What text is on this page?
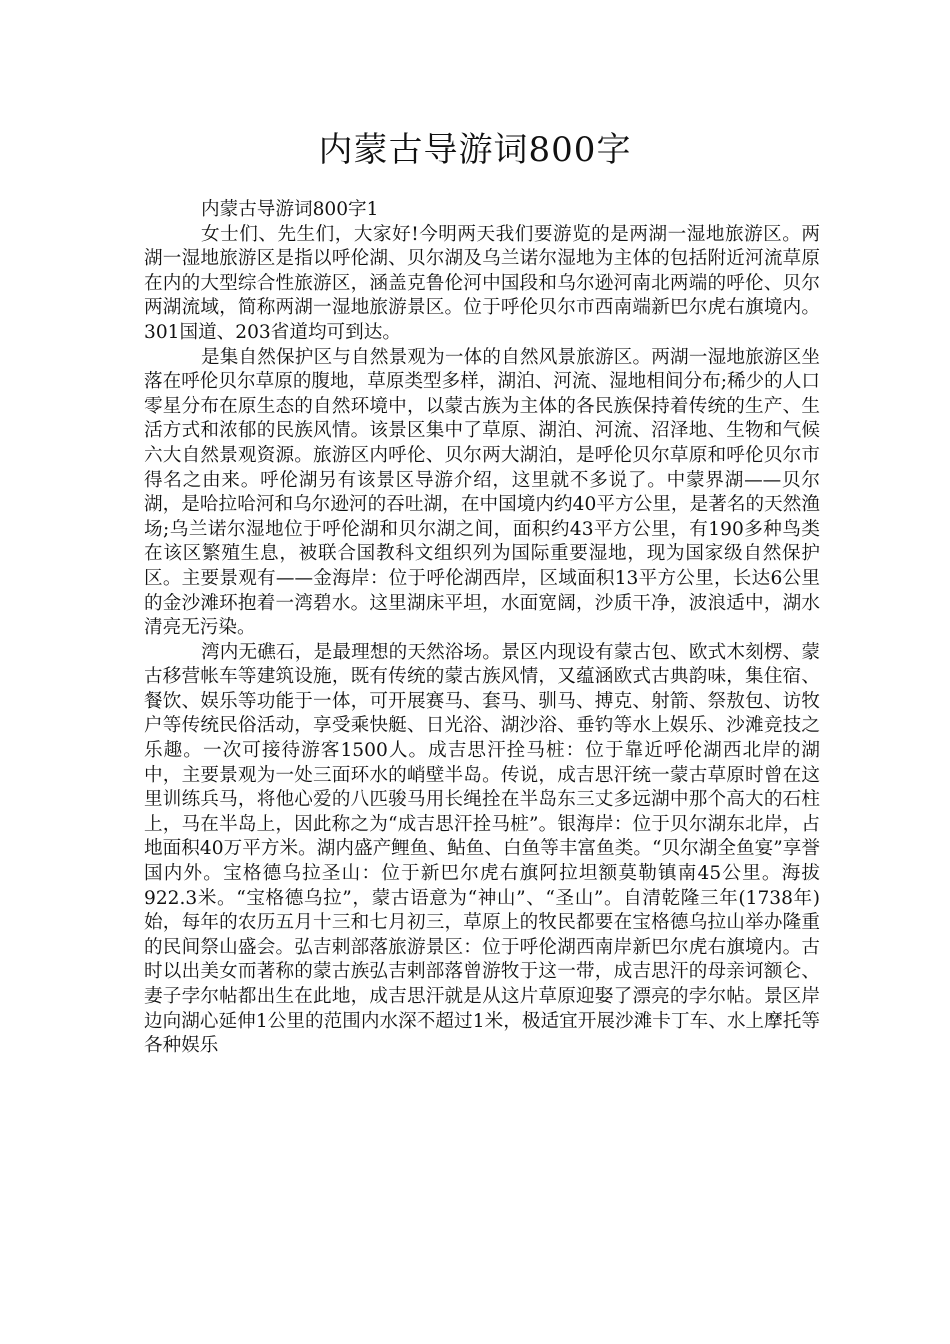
内蒙古导游词800字

内蒙古导游词800字1

女士们、先生们，大家好!今明两天我们要游览的是两湖一湿地旅游区。两湖一湿地旅游区是指以呼伦湖、贝尔湖及乌兰诺尔湿地为主体的包括附近河流草原在内的大型综合性旅游区，涵盖克鲁伦河中国段和乌尔逊河南北两端的呼伦、贝尔两湖流域，简称两湖一湿地旅游景区。位于呼伦贝尔市西南端新巴尔虎右旗境内。301国道、203省道均可到达。

是集自然保护区与自然景观为一体的自然风景旅游区。两湖一湿地旅游区坐落在呼伦贝尔草原的腹地，草原类型多样，湖泊、河流、湿地相间分布;稀少的人口零星分布在原生态的自然环境中，以蒙古族为主体的各民族保持着传统的生产、生活方式和浓郁的民族风情。该景区集中了草原、湖泊、河流、沼泽地、生物和气候六大自然景观资源。旅游区内呼伦、贝尔两大湖泊，是呼伦贝尔草原和呼伦贝尔市得名之由来。呼伦湖另有该景区导游介绍，这里就不多说了。中蒙界湖——贝尔湖，是哈拉哈河和乌尔逊河的吞吐湖，在中国境内约40平方公里，是著名的天然渔场;乌兰诺尔湿地位于呼伦湖和贝尔湖之间，面积约43平方公里，有190多种鸟类在该区繁殖生息，被联合国教科文组织列为国际重要湿地，现为国家级自然保护区。主要景观有——金海岸：位于呼伦湖西岸，区域面积13平方公里，长达6公里的金沙滩环抱着一湾碧水。这里湖床平坦，水面宽阔，沙质干净，波浪适中，湖水清亮无污染。

湾内无礁石，是最理想的天然浴场。景区内现设有蒙古包、欧式木刻楞、蒙古移营帐车等建筑设施，既有传统的蒙古族风情，又蕴涵欧式古典韵味，集住宿、餐饮、娱乐等功能于一体，可开展赛马、套马、驯马、搏克、射箭、祭敖包、访牧户等传统民俗活动，享受乘快艇、日光浴、湖沙浴、垂钓等水上娱乐、沙滩竞技之乐趣。一次可接待游客1500人。成吉思汗拴马桩：位于靠近呼伦湖西北岸的湖中，主要景观为一处三面环水的峭壁半岛。传说，成吉思汗统一蒙古草原时曾在这里训练兵马，将他心爱的八匹骏马用长绳拴在半岛东三丈多远湖中那个高大的石柱上，马在半岛上，因此称之为“成吉思汗拴马桩”。银海岸：位于贝尔湖东北岸，占地面积40万平方米。湖内盛产鲤鱼、鲇鱼、白鱼等丰富鱼类。“贝尔湖全鱼宴”享誉国内外。宝格德乌拉圣山：位于新巴尔虎右旗阿拉坦额莫勒镇南45公里。海拔922.3米。“宝格德乌拉”，蒙古语意为“神山”、“圣山”。自清乾隆三年(1738年)始，每年的农历五月十三和七月初三，草原上的牧民都要在宝格德乌拉山举办隆重的民间祭山盛会。弘吉剌部落旅游景区：位于呼伦湖西南岸新巴尔虎右旗境内。古时以出美女而著称的蒙古族弘吉剌部落曾游牧于这一带，成吉思汗的母亲诃额仑、妻子孛尔帖都出生在此地，成吉思汗就是从这片草原迎娶了漂亮的孛尔帖。景区岸边向湖心延伸1公里的范围内水深不超过1米，极适宜开展沙滩卡丁车、水上摩托等各种娱乐
